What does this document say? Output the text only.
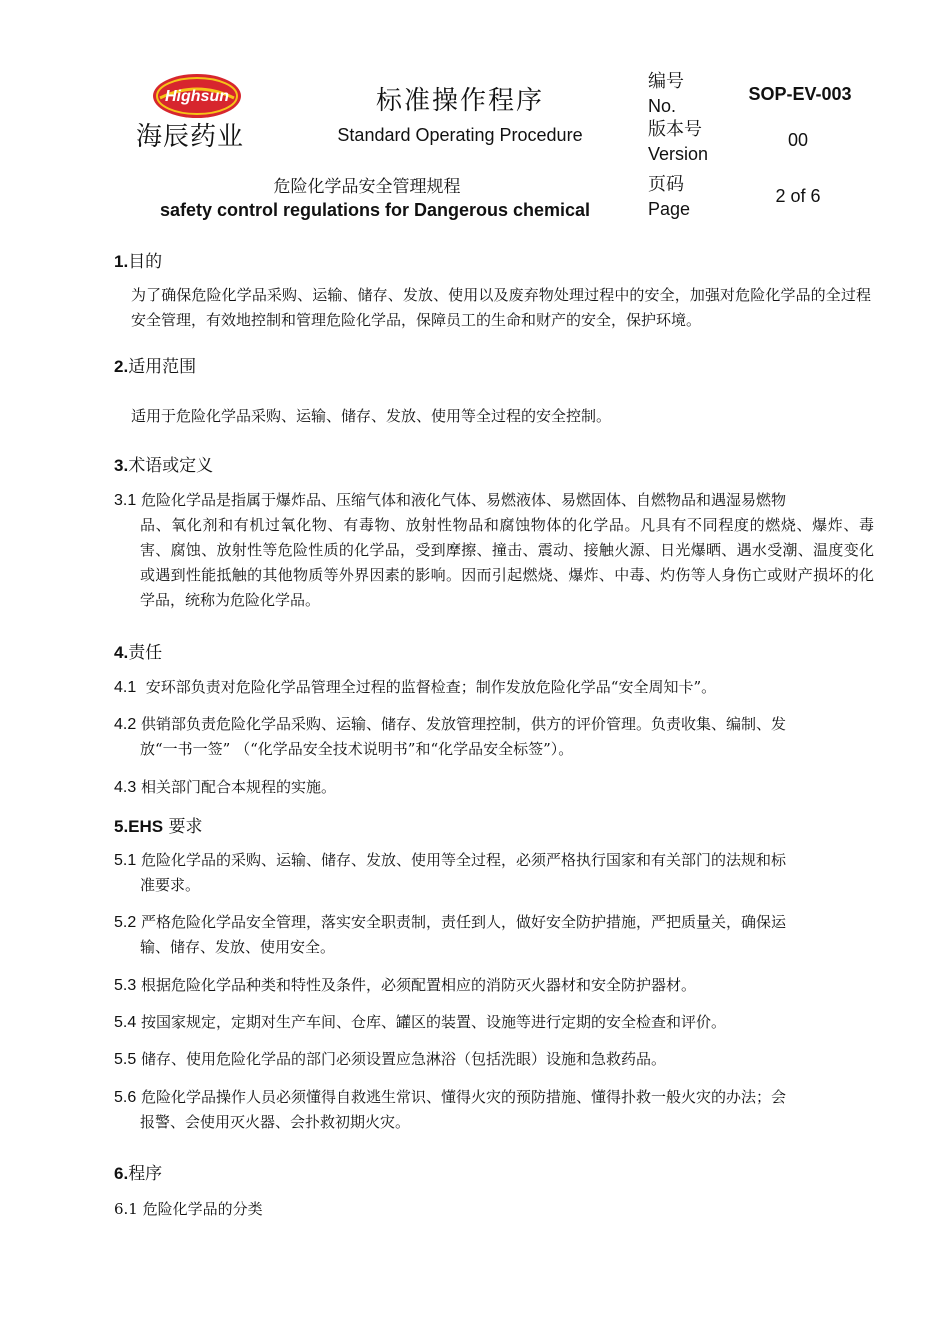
Highsun
海辰药业
标准操作程序
Standard Operating Procedure
危险化学品安全管理规程
safety control regulations for Dangerous chemical
编号
No.
SOP-EV-003
版本号
Version
00
页码
Page
2 of 6
1.目的
为了确保危险化学品采购、运输、储存、发放、使用以及废弃物处理过程中的安全，加强对危险化学品的全过程安全管理，有效地控制和管理危险化学品，保障员工的生命和财产的安全，保护环境。
2.适用范围
适用于危险化学品采购、运输、储存、发放、使用等全过程的安全控制。
3.术语或定义
3.1 危险化学品是指属于爆炸品、压缩气体和液化气体、易燃液体、易燃固体、自燃物品和遇湿易燃物
品、氧化剂和有机过氧化物、有毒物、放射性物品和腐蚀物体的化学品。凡具有不同程度的燃烧、爆炸、毒害、腐蚀、放射性等危险性质的化学品，受到摩擦、撞击、震动、接触火源、日光爆晒、遇水受潮、温度变化或遇到性能抵触的其他物质等外界因素的影响。因而引起燃烧、爆炸、中毒、灼伤等人身伤亡或财产损坏的化学品，统称为危险化学品。
4.责任
4.1 安环部负责对危险化学品管理全过程的监督检查；制作发放危险化学品“安全周知卡”。
4.2 供销部负责危险化学品采购、运输、储存、发放管理控制，供方的评价管理。负责收集、编制、发
放“一书一签” （“化学品安全技术说明书”和“化学品安全标签”）。
4.3 相关部门配合本规程的实施。
5.EHS 要求
5.1 危险化学品的采购、运输、储存、发放、使用等全过程，必须严格执行国家和有关部门的法规和标
准要求。
5.2 严格危险化学品安全管理，落实安全职责制，责任到人，做好安全防护措施，严把质量关，确保运
输、储存、发放、使用安全。
5.3 根据危险化学品种类和特性及条件，必须配置相应的消防灭火器材和安全防护器材。
5.4 按国家规定，定期对生产车间、仓库、罐区的装置、设施等进行定期的安全检查和评价。
5.5 储存、使用危险化学品的部门必须设置应急淋浴（包括洗眼）设施和急救药品。
5.6 危险化学品操作人员必须懂得自救逃生常识、懂得火灾的预防措施、懂得扑救一般火灾的办法；会
报警、会使用灭火器、会扑救初期火灾。
6.程序
6.1 危险化学品的分类
